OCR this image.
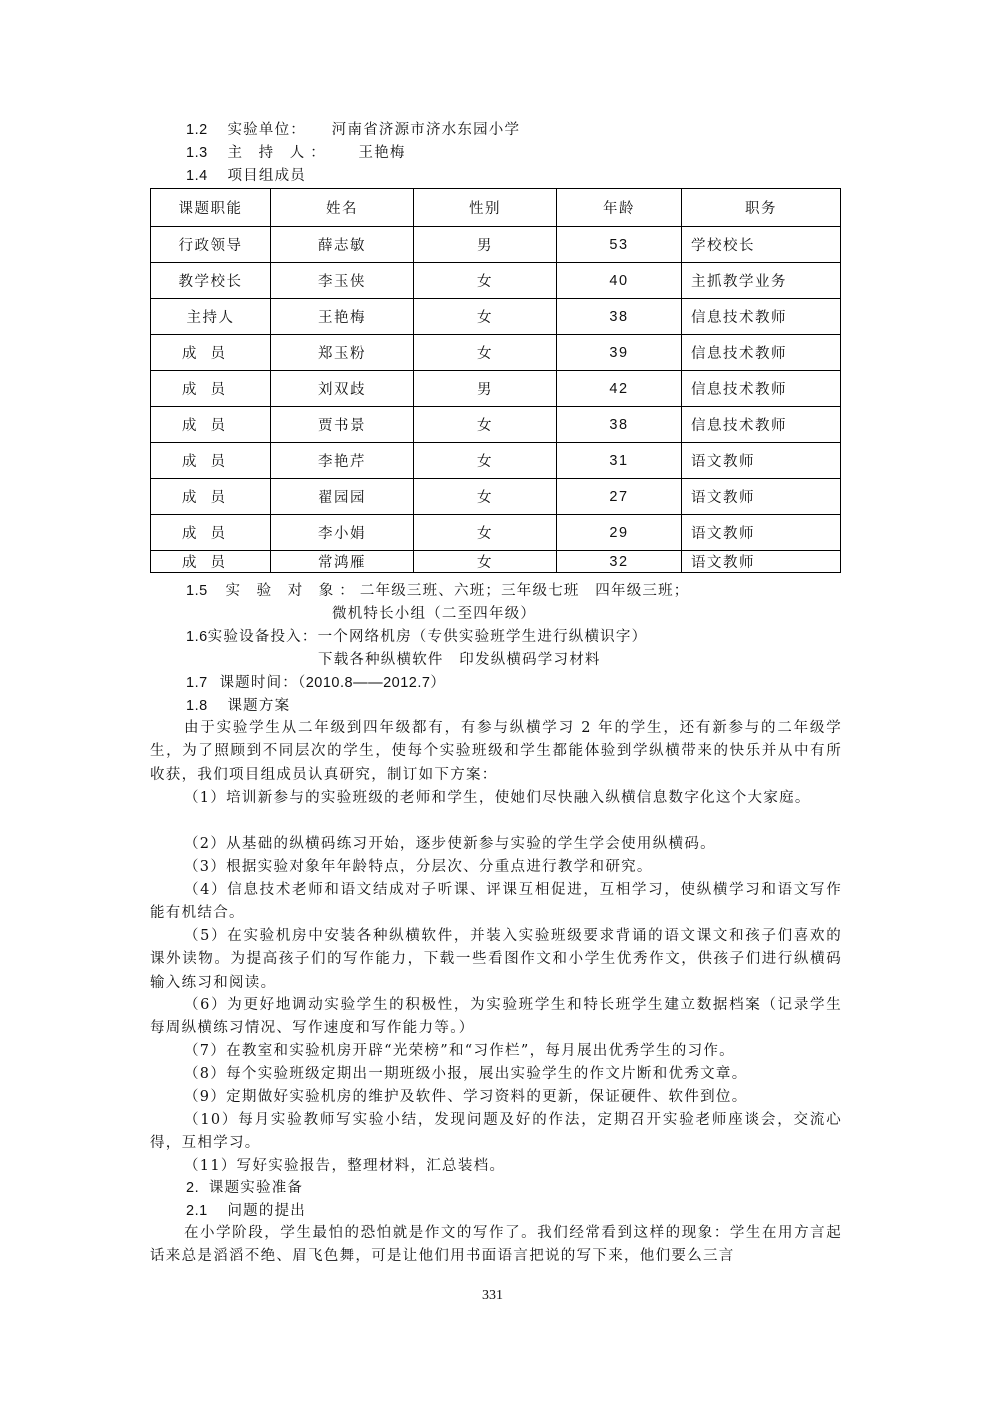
1.2 实验单位： 河南省济源市济水东园小学
1.3 主 持 人： 王艳梅
1.4 项目组成员
课题职能	姓名	性别	年龄	职务
行政领导	薛志敏	男	53	学校校长
教学校长	李玉侠	女	40	主抓教学业务
主持人	王艳梅	女	38	信息技术教师
成员	郑玉粉	女	39	信息技术教师
成员	刘双歧	男	42	信息技术教师
成员	贾书景	女	38	信息技术教师
成员	李艳芹	女	31	语文教师
成员	翟园园	女	27	语文教师
成员	李小娟	女	29	语文教师
成员	常鸿雁	女	32	语文教师
1.5 实 验 对 象：二年级三班、六班；三年级七班　四年级三班；
微机特长小组（二至四年级）
1.6实验设备投入：一个网络机房（专供实验班学生进行纵横识字）
下载各种纵横软件　印发纵横码学习材料
1.7 课题时间：（2010.8——2012.7）
1.8 课题方案
由于实验学生从二年级到四年级都有，有参与纵横学习 2 年的学生，还有新参与的二年级学生，为了照顾到不同层次的学生，使每个实验班级和学生都能体验到学纵横带来的快乐并从中有所收获，我们项目组成员认真研究，制订如下方案：
（1）培训新参与的实验班级的老师和学生，使她们尽快融入纵横信息数字化这个大家庭。
（2）从基础的纵横码练习开始，逐步使新参与实验的学生学会使用纵横码。
（3）根据实验对象年年龄特点，分层次、分重点进行教学和研究。
（4）信息技术老师和语文结成对子听课、评课互相促进，互相学习，使纵横学习和语文写作能有机结合。
（5）在实验机房中安装各种纵横软件，并装入实验班级要求背诵的语文课文和孩子们喜欢的课外读物。为提高孩子们的写作能力，下载一些看图作文和小学生优秀作文，供孩子们进行纵横码输入练习和阅读。
（6）为更好地调动实验学生的积极性，为实验班学生和特长班学生建立数据档案（记录学生每周纵横练习情况、写作速度和写作能力等。）
（7）在教室和实验机房开辟“光荣榜”和“习作栏”，每月展出优秀学生的习作。
（8）每个实验班级定期出一期班级小报，展出实验学生的作文片断和优秀文章。
（9）定期做好实验机房的维护及软件、学习资料的更新，保证硬件、软件到位。
（10）每月实验教师写实验小结，发现问题及好的作法，定期召开实验老师座谈会，交流心得，互相学习。
（11）写好实验报告，整理材料，汇总装档。
2. 课题实验准备
2.1 问题的提出
在小学阶段，学生最怕的恐怕就是作文的写作了。我们经常看到这样的现象：学生在用方言起话来总是滔滔不绝、眉飞色舞，可是让他们用书面语言把说的写下来，他们要么三言
331
